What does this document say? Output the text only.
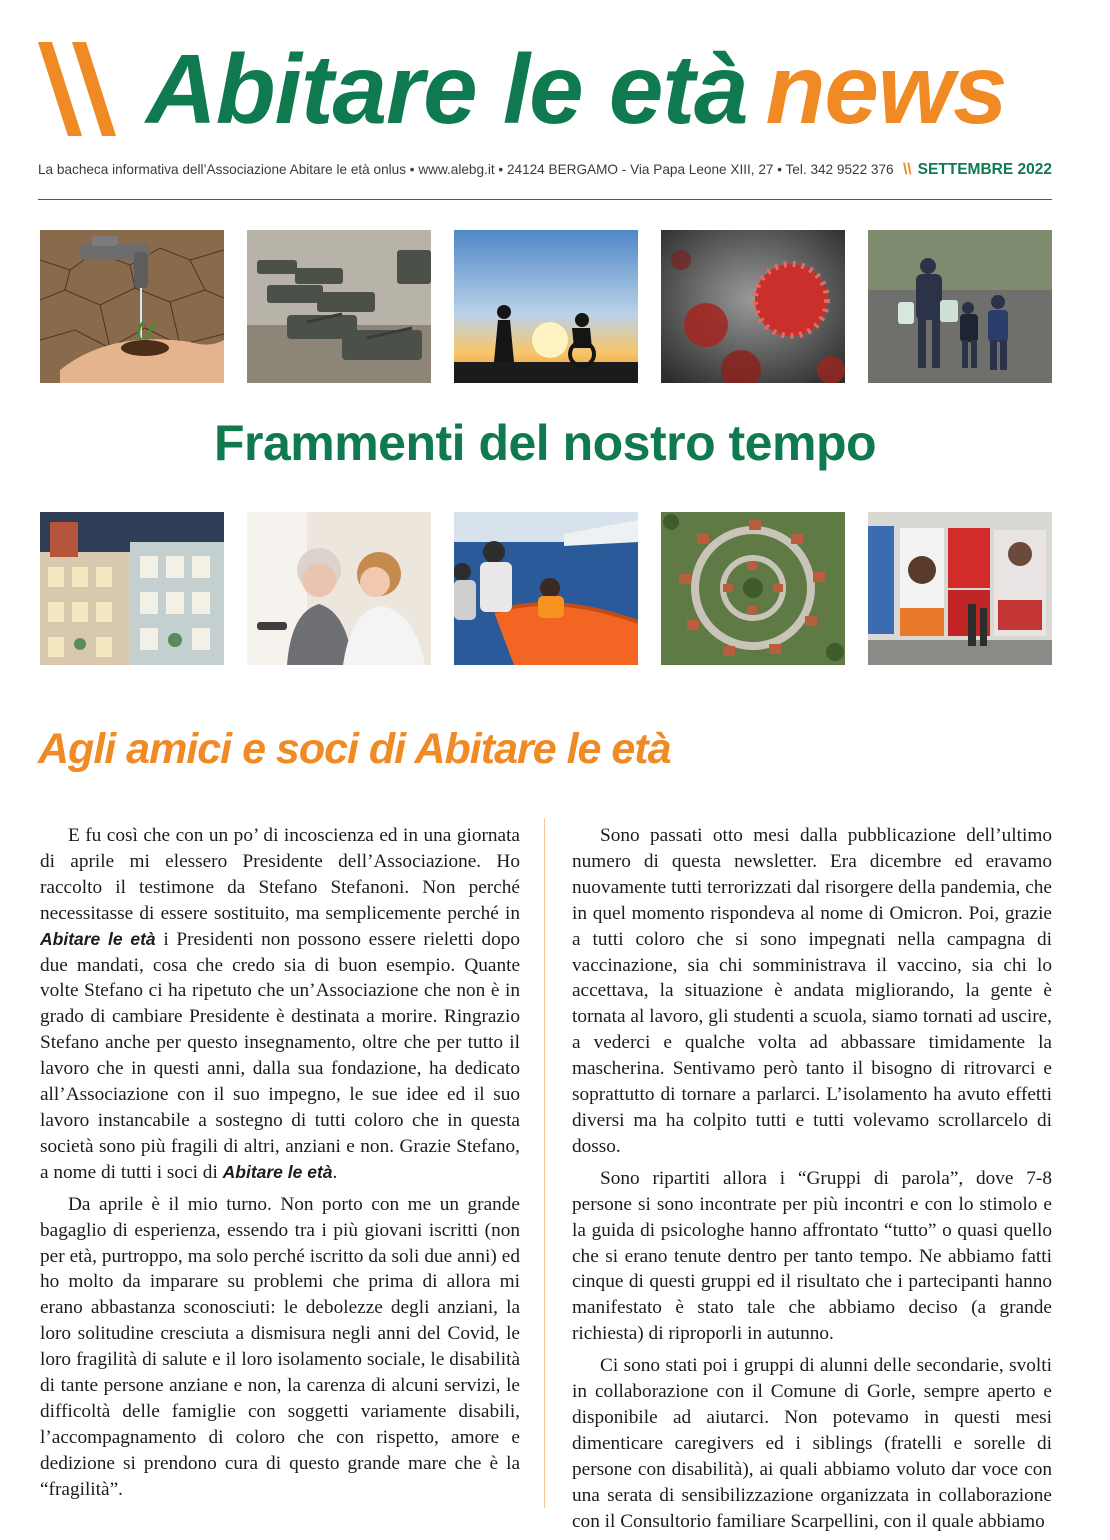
Abitare le età news
La bacheca informativa dell’Associazione Abitare le età onlus • www.alebg.it • 24124 BERGAMO - Via Papa Leone XIII, 27 • Tel. 342 9522 376 \\ SETTEMBRE 2022
Frammenti del nostro tempo
Agli amici e soci di Abitare le età

E fu così che con un po’ di incoscienza ed in una giornata di aprile mi elessero Presidente dell’Associazione. Ho raccolto il testimone da Stefano Stefanoni. Non perché necessitasse di essere sostituito, ma semplicemente perché in Abitare le età i Presidenti non possono essere rieletti dopo due mandati, cosa che credo sia di buon esempio. Quante volte Stefano ci ha ripetuto che un’Associazione che non è in grado di cambiare Presidente è destinata a morire. Ringrazio Stefano anche per questo insegnamento, oltre che per tutto il lavoro che in questi anni, dalla sua fondazione, ha dedicato all’Associazione con il suo impegno, le sue idee ed il suo lavoro instancabile a sostegno di tutti coloro che in questa società sono più fragili di altri, anziani e non. Grazie Stefano, a nome di tutti i soci di Abitare le età.

Da aprile è il mio turno. Non porto con me un grande bagaglio di esperienza, essendo tra i più giovani iscritti (non per età, purtroppo, ma solo perché iscritto da soli due anni) ed ho molto da imparare su problemi che prima di allora mi erano abbastanza sconosciuti: le debolezze degli anziani, la loro solitudine cresciuta a dismisura negli anni del Covid, le loro fragilità di salute e il loro isolamento sociale, le disabilità di tante persone anziane e non, la carenza di alcuni servizi, le difficoltà delle famiglie con soggetti variamente disabili, l’accompagnamento di coloro che con rispetto, amore e dedizione si prendono cura di questo grande mare che è la “fragilità”.

Sono passati otto mesi dalla pubblicazione dell’ultimo numero di questa newsletter. Era dicembre ed eravamo nuovamente tutti terrorizzati dal risorgere della pandemia, che in quel momento rispondeva al nome di Omicron. Poi, grazie a tutti coloro che si sono impegnati nella campagna di vaccinazione, sia chi somministrava il vaccino, sia chi lo accettava, la situazione è andata migliorando, la gente è tornata al lavoro, gli studenti a scuola, siamo tornati ad uscire, a vederci e qualche volta ad abbassare timidamente la mascherina. Sentivamo però tanto il bisogno di ritrovarci e soprattutto di tornare a parlarci. L’isolamento ha avuto effetti diversi ma ha colpito tutti e tutti volevamo scrollarcelo di dosso.

Sono ripartiti allora i “Gruppi di parola”, dove 7-8 persone si sono incontrate per più incontri e con lo stimolo e la guida di psicologhe hanno affrontato “tutto” o quasi quello che si erano tenute dentro per tanto tempo. Ne abbiamo fatti cinque di questi gruppi ed il risultato che i partecipanti hanno manifestato è stato tale che abbiamo deciso (a grande richiesta) di riproporli in autunno.

Ci sono stati poi i gruppi di alunni delle secondarie, svolti in collaborazione con il Comune di Gorle, sempre aperto e disponibile ad aiutarci. Non potevamo in questi mesi dimenticare caregivers ed i siblings (fratelli e sorelle di persone con disabilità), ai quali abbiamo voluto dar voce con una serata di sensibilizzazione organizzata in collaborazione con il Consultorio familiare Scarpellini, con il quale abbiamo
